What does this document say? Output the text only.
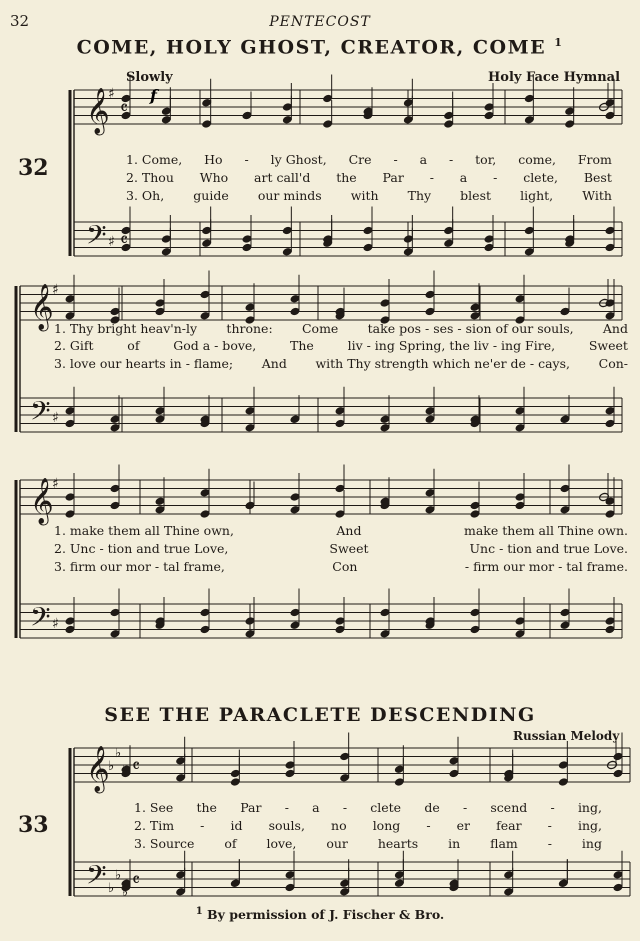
32	PENTECOST
COME, HOLY GHOST, CREATOR, COME $^1$
Slowly	Holy Face Hymnal
32
SEE THE PARACLETE DESCENDING
Russian Melody
33
𝄞
𝄢
♯
♯
𝄴
𝄴
𝄞
𝄢
♯
♯
𝄞
𝄢
♯
♯
𝄞
𝄢
♭
♭
♭
♭
♭
♭
𝄴
𝄴
f
1. Come, Ho - ly Ghost, Cre - a - tor, come, From
2. Thou Who art call'd the Par - a - clete, Best
3. Oh, guide our minds with Thy blest light, With
1. Thy bright heav'n-ly throne: Come take pos - ses - sion of our souls, And
2. Gift	of	God a - bove,	The	liv - ing Spring, the liv - ing Fire,	Sweet
3. love our hearts in - flame; And with Thy strength which ne'er de - cays, Con-
1. make them all Thine own,	And	make them all Thine own.
2. Unc - tion and true Love,	Sweet	Unc - tion and true Love.
3. firm our mor - tal frame,	Con	- firm our mor - tal frame.
1. See the Par - a - clete de - scend - ing,
2. Tim - id souls, no long - er fear - ing,
3. Source of love, our hearts in flam - ing
$^1$ By permission of J. Fischer & Bro.
